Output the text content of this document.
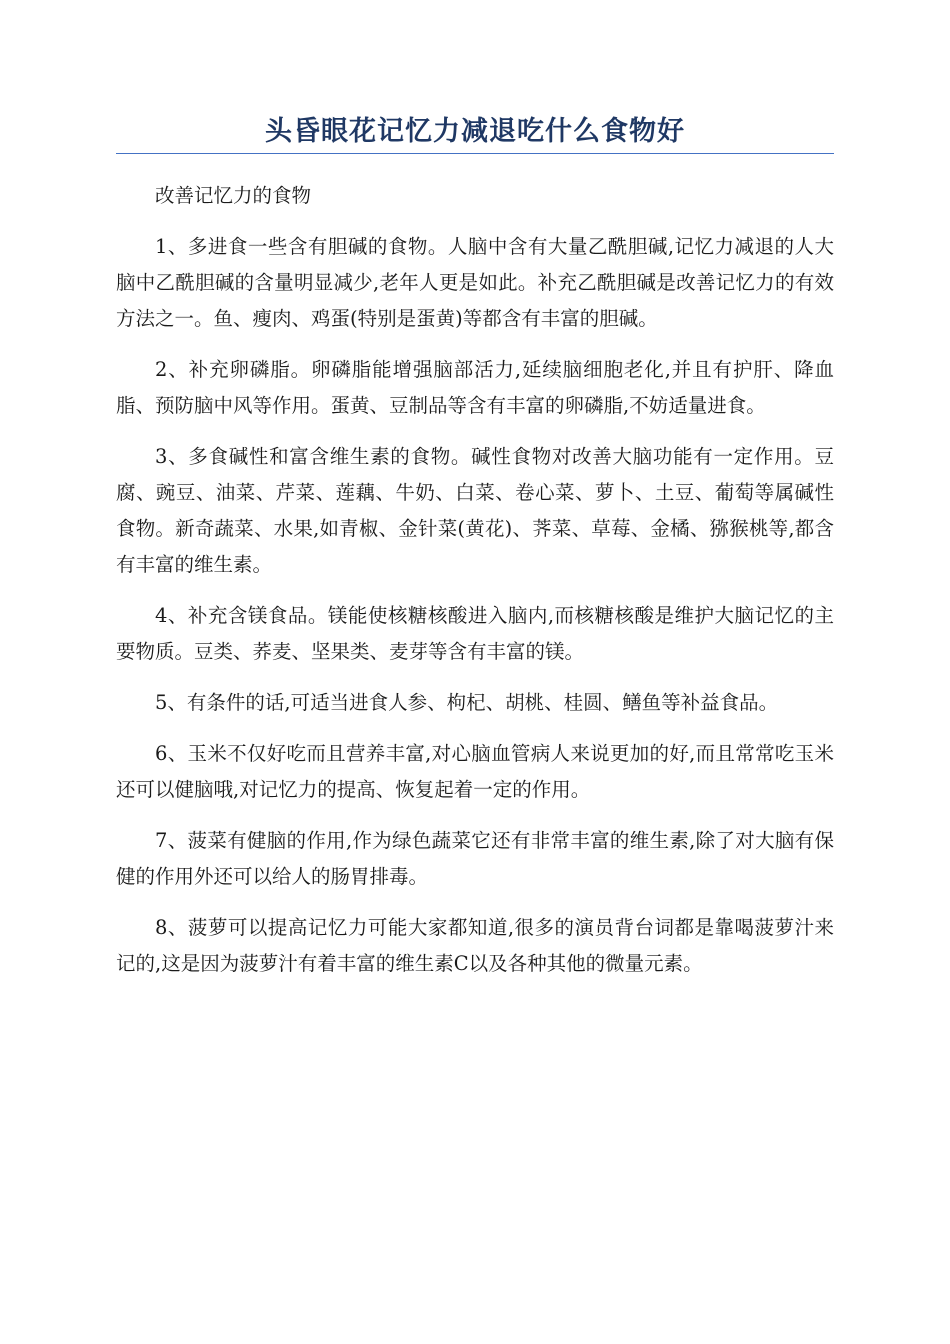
头昏眼花记忆力减退吃什么食物好

改善记忆力的食物

1、多进食一些含有胆碱的食物。人脑中含有大量乙酰胆碱,记忆力减退的人大脑中乙酰胆碱的含量明显减少,老年人更是如此。补充乙酰胆碱是改善记忆力的有效方法之一。鱼、瘦肉、鸡蛋(特别是蛋黄)等都含有丰富的胆碱。

2、补充卵磷脂。卵磷脂能增强脑部活力,延续脑细胞老化,并且有护肝、降血脂、预防脑中风等作用。蛋黄、豆制品等含有丰富的卵磷脂,不妨适量进食。

3、多食碱性和富含维生素的食物。碱性食物对改善大脑功能有一定作用。豆腐、豌豆、油菜、芹菜、莲藕、牛奶、白菜、卷心菜、萝卜、土豆、葡萄等属碱性食物。新奇蔬菜、水果,如青椒、金针菜(黄花)、荠菜、草莓、金橘、猕猴桃等,都含有丰富的维生素。

4、补充含镁食品。镁能使核糖核酸进入脑内,而核糖核酸是维护大脑记忆的主要物质。豆类、荞麦、坚果类、麦芽等含有丰富的镁。

5、有条件的话,可适当进食人参、枸杞、胡桃、桂圆、鳝鱼等补益食品。

6、玉米不仅好吃而且营养丰富,对心脑血管病人来说更加的好,而且常常吃玉米还可以健脑哦,对记忆力的提高、恢复起着一定的作用。

7、菠菜有健脑的作用,作为绿色蔬菜它还有非常丰富的维生素,除了对大脑有保健的作用外还可以给人的肠胃排毒。

8、菠萝可以提高记忆力可能大家都知道,很多的演员背台词都是靠喝菠萝汁来记的,这是因为菠萝汁有着丰富的维生素C以及各种其他的微量元素。
